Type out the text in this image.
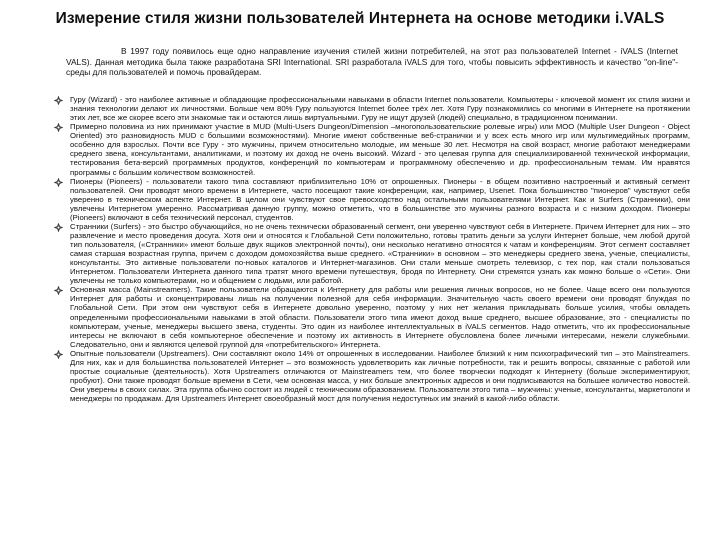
Измерение стиля жизни пользователей Интернета на основе методики i.VALS

В 1997 году появилось еще одно направление изучения стилей жизни потребителей, на этот раз пользователей Internet - iVALS (Internet VALS). Данная методика была также разработана SRI International. SRI разработала iVALS для того, чтобы повысить эффективность и качество "on-line"-среды для пользователей и помочь провайдерам.

Гуру (Wizard) - это наиболее активные и обладающие профессиональными навыками в области Internet пользователи. Компьютеры - ключевой момент их стиля жизни и знания технологии делают их личностями. Больше чем 80% Гуру пользуются Internet более трёх лет. Хотя Гуру познакомились со многими в Интернете на протяжении этих лет, все же скорее всего эти знакомые так и остаются лишь виртуальными. Гуру не ищут друзей (людей) специально, в традиционном понимании.
Примерно половина из них принимают участие в MUD (Multi-Users Dungeon/Dimension –многопользовательские ролевые игры) или MOO (Multiple User Dungeon - Object Oriented) это разновидность MUD с большими возможностями). Многие имеют собственные веб-странички и у всех есть много игр или мультимедийных программ, особенно для взрослых. Почти все Гуру - это мужчины, причем относительно молодые, им меньше 30 лет. Несмотря на свой возраст, многие работают менеджерами среднего звена, консультантами, аналитиками, и поэтому их доход не очень высокий. Wizard - это целевая группа для специализированной технической информации, тестирования бета-версий программных продуктов, конференций по компьютерам и программному обеспечению и др. профессиональным темам. Им нравятся программы с большим количеством возможностей.
Пионеры (Pioneers) - пользователи такого типа составляют приблизительно 10% от опрошенных. Пионеры - в общем позитивно настроенный и активный сегмент пользователей. Они проводят много времени в Интернете, часто посещают такие конференции, как, например, Usenet. Пока большинство "пионеров" чувствуют себя уверенно в техническом аспекте Интернет. В целом они чувствуют свое превосходство над остальными пользователями Интернет. Как и Surfers (Странники), они увлечены Интернетом умеренно. Рассматривая данную группу, можно отметить, что в большинстве это мужчины разного возраста и с низким доходом. Пионеры (Pioneers) включают в себя технический персонал, студентов.
Странники (Surfers) - это быстро обучающийся, но не очень технически образованный сегмент, они уверенно чувствуют себя в Интернете. Причем Интернет для них – это развлечение и место проведения досуга. Хотя они и относятся к Глобальной Сети положительно, готовы тратить деньги за услуги Интернет больше, чем любой другой тип пользователя, («Странники» имеют больше двух ящиков электронной почты), они несколько негативно относятся к чатам и конференциям. Этот сегмент составляет самая старшая возрастная группа, причем с доходом домохозяйства выше среднего. «Странники» в основном – это менеджеры среднего звена, ученые, специалисты, консультанты. Это активные пользователи по-новых каталогов и Интернет-магазинов. Они стали меньше смотреть телевизор, с тех пор, как стали пользоваться Интернетом. Пользователи Интернета данного типа тратят много времени путешествуя, бродя по Интернету. Они стремятся узнать как можно больше о «Сети». Они увлечены не только компьютерами, но и общением с людьми, или работой.
Основная масса (Mainstreamers). Такие пользователи обращаются к Интернету для работы или решения личных вопросов, но не более. Чаще всего они пользуются Интернет для работы и сконцентрированы лишь на получении полезной для себя информации. Значительную часть своего времени они проводят блуждая по Глобальной Сети. При этом они чувствуют себя в Интернете довольно уверенно, поэтому у них нет желания прикладывать больше усилия, чтобы овладеть определенными профессиональными навыками в этой области. Пользователи этого типа имеют доход выше среднего, высшее образование, это - специалисты по компьютерам, ученые, менеджеры высшего звена, студенты. Это один из наиболее интеллектуальных в iVALS сегментов. Надо отметить, что их профессиональные интересы не включают в себя компьютерное обеспечение и поэтому их активность в Интернете обусловлена более личными интересами, нежели служебными. Следовательно, они и являются целевой группой для «потребительского» Интернета.
Опытные пользователи (Upstreamers). Они составляют около 14% от опрошенных в исследовании. Наиболее близкий к ним психографический тип – это Mainstreamers. Для них, как и для большинства пользователей Интернет – это возможность удовлетворить как личные потребности, так и решить вопросы, связанные с работой или простые социальные (деятельность). Хотя Upstreamers отличаются от Mainstreamers тем, что более творчески подходят к Интернету (больше экспериментируют, пробуют). Они также проводят больше времени в Сети, чем основная масса, у них больше электронных адресов и они подписываются на большее количество новостей. Они уверены в своих силах. Эта группа обычно состоит из людей с техническим образованием. Пользователи этого типа – мужчины: ученые, консультанты, маркетологи и менеджеры по продажам. Для Upstreamers Интернет своеобразный мост для получения недоступных им знаний в какой-либо области.
